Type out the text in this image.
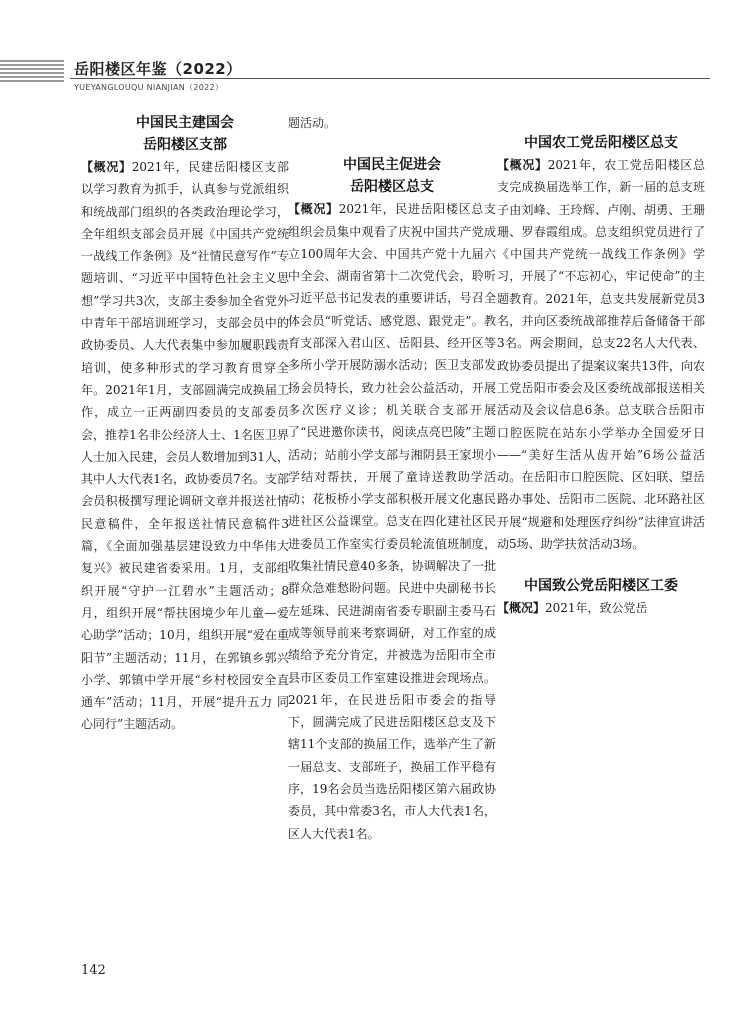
岳阳楼区年鉴（2022）
YUEYANGLOUQU NIANJIAN（2022）
中国民主建国会
岳阳楼区支部

【概况】2021年，民建岳阳楼区支部以学习教育为抓手，认真参与党派组织和统战部门组织的各类政治理论学习，全年组织支部会员开展《中国共产党统一战线工作条例》及“社情民意写作”专题培训、“习近平中国特色社会主义思想”学习共3次，支部主委参加全省党外中青年干部培训班学习，支部会员中的政协委员、人大代表集中参加履职践责培训，使多种形式的学习教育贯穿全年。2021年1月，支部圆满完成换届工作，成立一正两副四委员的支部委员会，推荐1名非公经济人士、1名医卫界人士加入民建，会员人数增加到31人，其中人大代表1名，政协委员7名。支部会员积极撰写理论调研文章并报送社情民意稿件，全年报送社情民意稿件3篇，《全面加强基层建设致力中华伟大复兴》被民建省委采用。1月，支部组织开展“守护一江碧水”主题活动；8月，组织开展“帮扶困境少年儿童—爱心助学”活动；10月，组织开展“爱在重阳节”主题活动；11月，在郭镇乡郭兴小学、郭镇中学开展“乡村校园安全直通车”活动；11月，开展“提升五力 同心同行”主题活动。

题活动。

中国民主促进会
岳阳楼区总支

【概况】2021年，民进岳阳楼区总支组织会员集中观看了庆祝中国共产党成立100周年大会、中国共产党十九届六中全会、湖南省第十二次党代会，聆听习近平总书记发表的重要讲话，号召全体会员“听党话、感党恩、跟党走”。教育支部深入君山区、岳阳县、经开区等多所小学开展防溺水活动；医卫支部发扬会员特长，致力社会公益活动，开展多次医疗义诊；机关联合支部开展了“民进邀你读书，阅读点亮巴陵”主题活动；站前小学支部与湘阴县王家坝小学结对帮扶，开展了童诗送教助学活动；花板桥小学支部积极开展文化惠民进社区公益课堂。总支在四化建社区民进委员工作室实行委员轮流值班制度，收集社情民意40多条，协调解决了一批群众急难愁盼问题。民进中央副秘书长左延珠、民进湖南省委专职副主委马石成等领导前来考察调研，对工作室的成绩给予充分肯定，并被选为岳阳市全市县市区委员工作室建设推进会现场点。2021年，在民进岳阳市委会的指导下，圆满完成了民进岳阳楼区总支及下辖11个支部的换届工作，选举产生了新一届总支、支部班子，换届工作平稳有序，19名会员当选岳阳楼区第六届政协委员，其中常委3名，市人大代表1名，区人大代表1名。

中国农工党岳阳楼区总支

【概况】2021年，农工党岳阳楼区总支完成换届选举工作，新一届的总支班子由刘峰、王玲辉、卢刚、胡勇、王珊珊、罗春霞组成。总支组织党员进行了《中国共产党统一战线工作条例》学习，开展了“不忘初心，牢记使命”的主题教育。2021年，总支共发展新党员3名，并向区委统战部推荐后备储备干部3名。两会期间，总支22名人大代表、政协委员提出了提案议案共13件，向农工党岳阳市委会及区委统战部报送相关活动及会议信息6条。总支联合岳阳市口腔医院在站东小学举办全国爱牙日——“美好生活从齿开始”6场公益活动。在岳阳市口腔医院、区妇联、望岳路办事处、岳阳市二医院、北环路社区开展“规避和处理医疗纠纷”法律宣讲活动5场、助学扶贫活动3场。

中国致公党岳阳楼区工委

【概况】2021年，致公党岳

142
